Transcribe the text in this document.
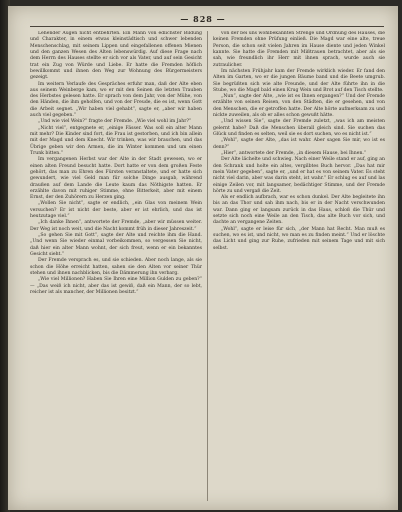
— 828 —

Lehender Augen nicht entbehrten. Ein Mann von edlichster Bildung und Charakter, in einem etwas kleinstädtisch und schwer lebenden Menschenschlag, mit seinem Lippen und eingefallenen offenen Mienen und den ganzen Wesen des Alten lebenswürdig. Auf diese Frage nach dem Herrn des Hauses stellte er sich vor als Vater, und auf sein Gesicht trat ein Zug von Würde und Liebe. Er hatte die Fremden höflich bewillkommt und ihnen den Weg zur Wohnung des Bürgermeisters gezeigt.

Im weitern Verlaufe des Gespräches erfuhr man, daß der Alte eben aus seinem Weinberge kam, wo er mit den Seinen die letzten Trauben des Herbstes gelesen hatte. Er sprach von dem Jahr, von der Mühe, von den Händen, die ihm geholfen, und von der Freude, die es ist, wenn Gott die Arbeit segnet. „Wir haben viel gehabt“, sagte er, „aber wir haben auch viel gegeben.“

„Und wie viel Wein?“ fragte der Fremde. „Wie viel wohl im Jahr?“

„Nicht viel“, entgegnete er, „einige Fässer. Was soll ein alter Mann mit mehr? Die Kinder sind fort, die Frau ist gestorben, und ich bin allein mit der Magd und dem Knecht. Wir trinken, was wir brauchen, und das Übrige geben wir den Armen, die im Winter kommen und um einen Trunk bitten.“

Im vergangenen Herbst war der Alte in der Stadt gewesen, wo er einen alten Freund besucht hatte. Dort hatte er von dem großen Feste gehört, das man zu Ehren des Fürsten veranstaltete, und er hatte sich gewundert, wie viel Geld man für solche Dinge ausgab, während draußen auf dem Lande die Leute kaum das Nöthigste hatten. Er erzählte davon mit ruhiger Stimme, ohne Bitterkeit, aber mit einem Ernst, der den Zuhörern zu Herzen ging.

„Wollen Sie nicht“, sagte er endlich, „ein Glas von meinem Wein versuchen? Er ist nicht der beste, aber er ist ehrlich, und das ist heutzutage viel.“

„Ich danke Ihnen“, antwortete der Fremde, „aber wir müssen weiter. Der Weg ist noch weit, und die Nacht kommt früh in dieser Jahreszeit.“

„So gehen Sie mit Gott“, sagte der Alte und reichte ihm die Hand. „Und wenn Sie wieder einmal vorbeikommen, so vergessen Sie nicht, daß hier ein alter Mann wohnt, der sich freut, wenn er ein bekanntes Gesicht sieht.“

Der Fremde versprach es, und sie schieden. Aber noch lange, als sie schon die Höhe erreicht hatten, sahen sie den Alten vor seiner Thür stehen und ihnen nachblicken, bis die Dämmerung ihn verbarg.

„Wie viel Millionen? Haben Sie Ihren eine Million Gulden zu geben?“ — „Das weiß ich nicht, aber das ist gewiß, daß ein Mann, der so lebt, reicher ist als mancher, der Millionen besitzt.“

von der bei uns wohlbekannten Strenge und Ordnung des Hauses, die keinen Fremden ohne Prüfung einließ. Die Magd war eine alte, treue Person, die schon seit vielen Jahren im Hause diente und jeden Winkel kannte. Sie hatte die Fremden mit Mißtrauen betrachtet, aber als sie sah, wie freundlich ihr Herr mit ihnen sprach, wurde auch sie zutraulicher.

Im nächsten Frühjahr kam der Fremde wirklich wieder. Er fand den Alten im Garten, wo er die jungen Bäume band und die Beete umgrub. Sie begrüßten sich wie alte Freunde, und der Alte führte ihn in die Stube, wo die Magd bald einen Krug Wein und Brot auf den Tisch stellte.

„Nun“, sagte der Alte, „wie ist es Ihnen ergangen?“ Und der Fremde erzählte von seinen Reisen, von den Städten, die er gesehen, und von den Menschen, die er getroffen hatte. Der Alte hörte aufmerksam zu und nickte zuweilen, als ob er alles schon gewußt hätte.

„Und wissen Sie“, sagte der Fremde zuletzt, „was ich am meisten gelernt habe? Daß die Menschen überall gleich sind. Sie suchen das Glück und finden es selten, weil sie es dort suchen, wo es nicht ist.“

„Wohl“, sagte der Alte, „das ist wahr. Aber sagen Sie mir, wo ist es denn?“

„Hier“, antwortete der Fremde, „in diesem Hause, bei Ihnen.“

Der Alte lächelte und schwieg. Nach einer Weile stand er auf, ging an den Schrank und holte ein altes, vergilbtes Buch hervor. „Das hat mir mein Vater gegeben“, sagte er, „und er hat es von seinem Vater. Es steht nicht viel darin, aber was darin steht, ist wahr.“ Er schlug es auf und las einige Zeilen vor, mit langsamer, bedächtiger Stimme, und der Fremde hörte zu und vergaß die Zeit.

Als er endlich aufbrach, war es schon dunkel. Der Alte begleitete ihn bis an das Thor und sah ihm nach, bis er in der Nacht verschwunden war. Dann ging er langsam zurück in das Haus, schloß die Thür und setzte sich noch eine Weile an den Tisch, das alte Buch vor sich, und dachte an vergangene Zeiten.

„Wohl“, sagte er leise für sich, „der Mann hat Recht. Man muß es suchen, wo es ist, und nicht, wo man es zu finden meint.“ Und er löschte das Licht und ging zur Ruhe, zufrieden mit seinem Tage und mit sich selbst.
